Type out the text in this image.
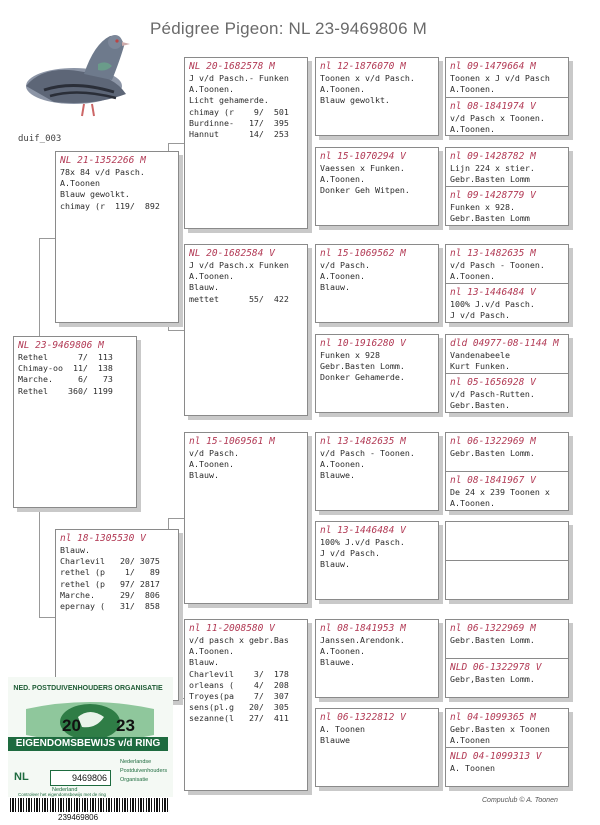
Pédigree Pigeon: NL 23-9469806 M
duif_003
NL 23-9469806 M
Rethel      7/  113
Chimay-oo  11/  138
Marche.     6/   73
Rethel    360/ 1199
NL 21-1352266 M
78x 84 v/d Pasch.
A.Toonen
Blauw gewolkt.
chimay (r  119/  892
nl 18-1305530 V
Blauw.
Charlevil   20/ 3075
rethel (p    1/   89
rethel (p   97/ 2817
Marche.     29/  806
epernay (   31/  858
NL 20-1682578 M
J v/d Pasch.- Funken
A.Toonen.
Licht gehamerde.
chimay (r    9/  501
Burdinne-   17/  395
Hannut      14/  253
NL 20-1682584 V
J v/d Pasch.x Funken
A.Toonen.
Blauw.
mettet      55/  422
nl 15-1069561 M
v/d Pasch.
A.Toonen.
Blauw.
nl 11-2008580 V
v/d pasch x gebr.Bas
A.Toonen.
Blauw.
Charlevil    3/  178
orleans (    4/  208
Troyes(pa    7/  307
sens(pl.g   20/  305
sezanne(l   27/  411
nl 12-1876070 M
Toonen x v/d Pasch.
A.Toonen.
Blauw gewolkt.
nl 15-1070294 V
Vaessen x Funken.
A.Toonen.
Donker Geh Witpen.
nl 15-1069562 M
v/d Pasch.
A.Toonen.
Blauw.
nl 10-1916280 V
Funken x 928
Gebr.Basten Lomm.
Donker Gehamerde.
nl 13-1482635 M
v/d Pasch - Toonen.
A.Toonen.
Blauwe.
nl 13-1446484 V
100% J.v/d Pasch.
J v/d Pasch.
Blauw.
nl 08-1841953 M
Janssen.Arendonk.
A.Toonen.
Blauwe.
nl 06-1322812 V
A. Toonen
Blauwe
nl 09-1479664 M
Toonen x J v/d Pasch
A.Toonen.
nl 08-1841974 V
v/d Pasch x Toonen.
A.Toonen.
nl 09-1428782 M
Lijn 224 x stier.
Gebr.Basten Lomm
nl 09-1428779 V
Funken x 928.
Gebr.Basten Lomm
nl 13-1482635 M
v/d Pasch - Toonen.
A.Toonen.
nl 13-1446484 V
100% J.v/d Pasch.
J v/d Pasch.
dld 04977-08-1144 M
Vandenabeele
Kurt Funken.
nl 05-1656928 V
v/d Pasch-Rutten.
Gebr.Basten.
nl 06-1322969 M
Gebr.Basten Lomm.
nl 08-1841967 V
De 24 x 239 Toonen x
A.Toonen.
nl 06-1322969 M
Gebr.Basten Lomm.
NLD 06-1322978 V
Gebr,Basten Lomm.
nl 04-1099365 M
Gebr.Basten x Toonen
A.Toonen
NLD 04-1099313 V
A. Toonen
NED. POSTDUIVENHOUDERS ORGANISATIE
20 23
EIGENDOMSBEWIJS v/d RING
NL	9469806
Nederlandse
Postduivenhouders
Organisatie
Nederland
Controleer het eigendomsbewijs met de ring
239469806
Compuclub © A. Toonen
